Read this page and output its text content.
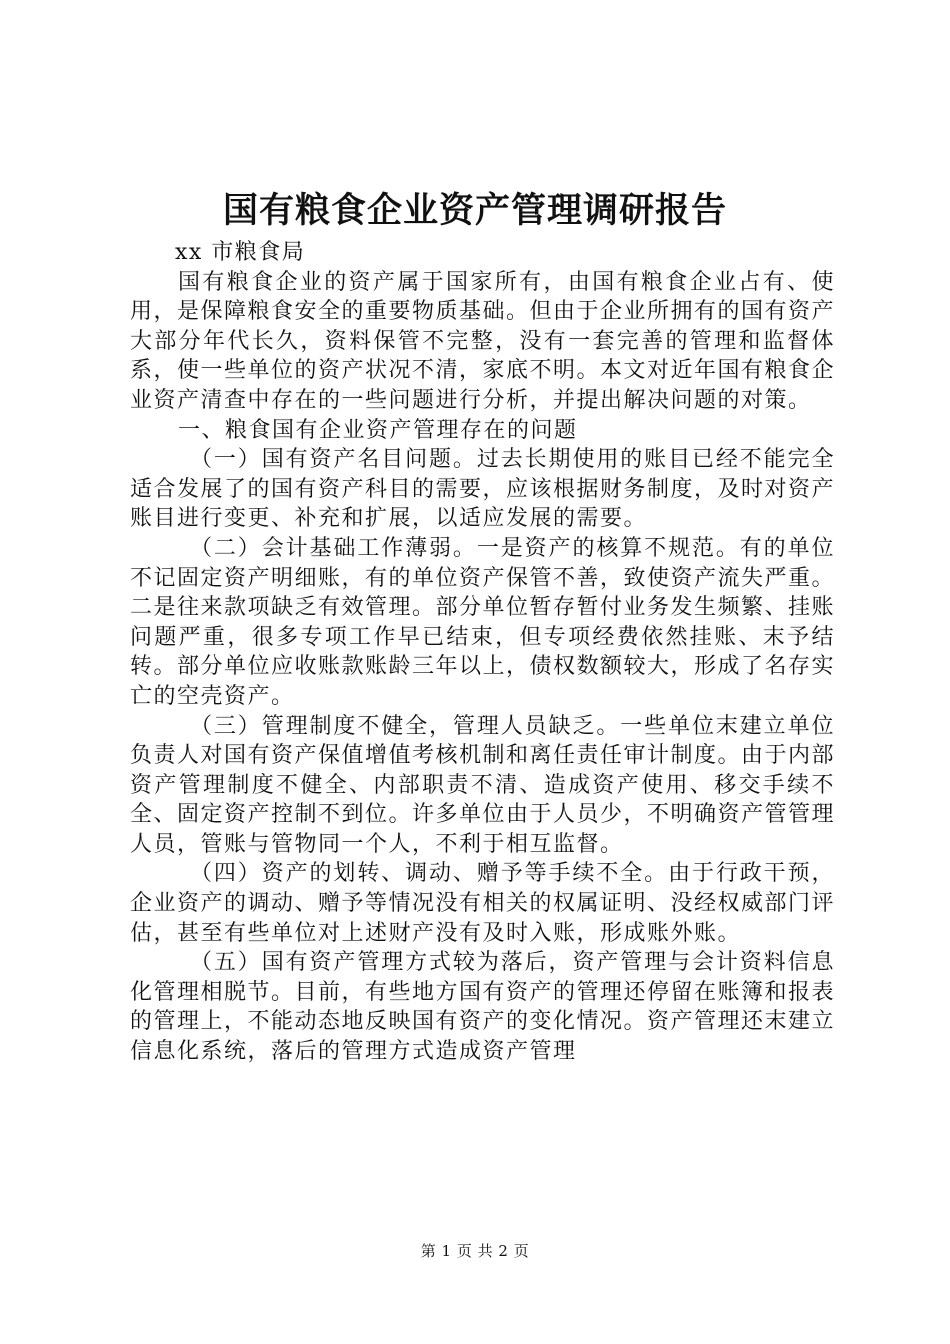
国有粮食企业资产管理调研报告

xx 市粮食局

国有粮食企业的资产属于国家所有，由国有粮食企业占有、使用，是保障粮食安全的重要物质基础。但由于企业所拥有的国有资产大部分年代长久，资料保管不完整，没有一套完善的管理和监督体系，使一些单位的资产状况不清，家底不明。本文对近年国有粮食企业资产清查中存在的一些问题进行分析，并提出解决问题的对策。

一、粮食国有企业资产管理存在的问题

（一）国有资产名目问题。过去长期使用的账目已经不能完全适合发展了的国有资产科目的需要，应该根据财务制度，及时对资产账目进行变更、补充和扩展，以适应发展的需要。

（二）会计基础工作薄弱。一是资产的核算不规范。有的单位不记固定资产明细账，有的单位资产保管不善，致使资产流失严重。二是往来款项缺乏有效管理。部分单位暂存暂付业务发生频繁、挂账问题严重，很多专项工作早已结束，但专项经费依然挂账、末予结转。部分单位应收账款账龄三年以上，债权数额较大，形成了名存实亡的空壳资产。

（三）管理制度不健全，管理人员缺乏。一些单位末建立单位负责人对国有资产保值增值考核机制和离任责任审计制度。由于内部资产管理制度不健全、内部职责不清、造成资产使用、移交手续不全、固定资产控制不到位。许多单位由于人员少，不明确资产管管理人员，管账与管物同一个人，不利于相互监督。

（四）资产的划转、调动、赠予等手续不全。由于行政干预，企业资产的调动、赠予等情况没有相关的权属证明、没经权威部门评估，甚至有些单位对上述财产没有及时入账，形成账外账。

（五）国有资产管理方式较为落后，资产管理与会计资料信息化管理相脱节。目前，有些地方国有资产的管理还停留在账簿和报表的管理上，不能动态地反映国有资产的变化情况。资产管理还末建立信息化系统，落后的管理方式造成资产管理

第 1 页 共 2 页
